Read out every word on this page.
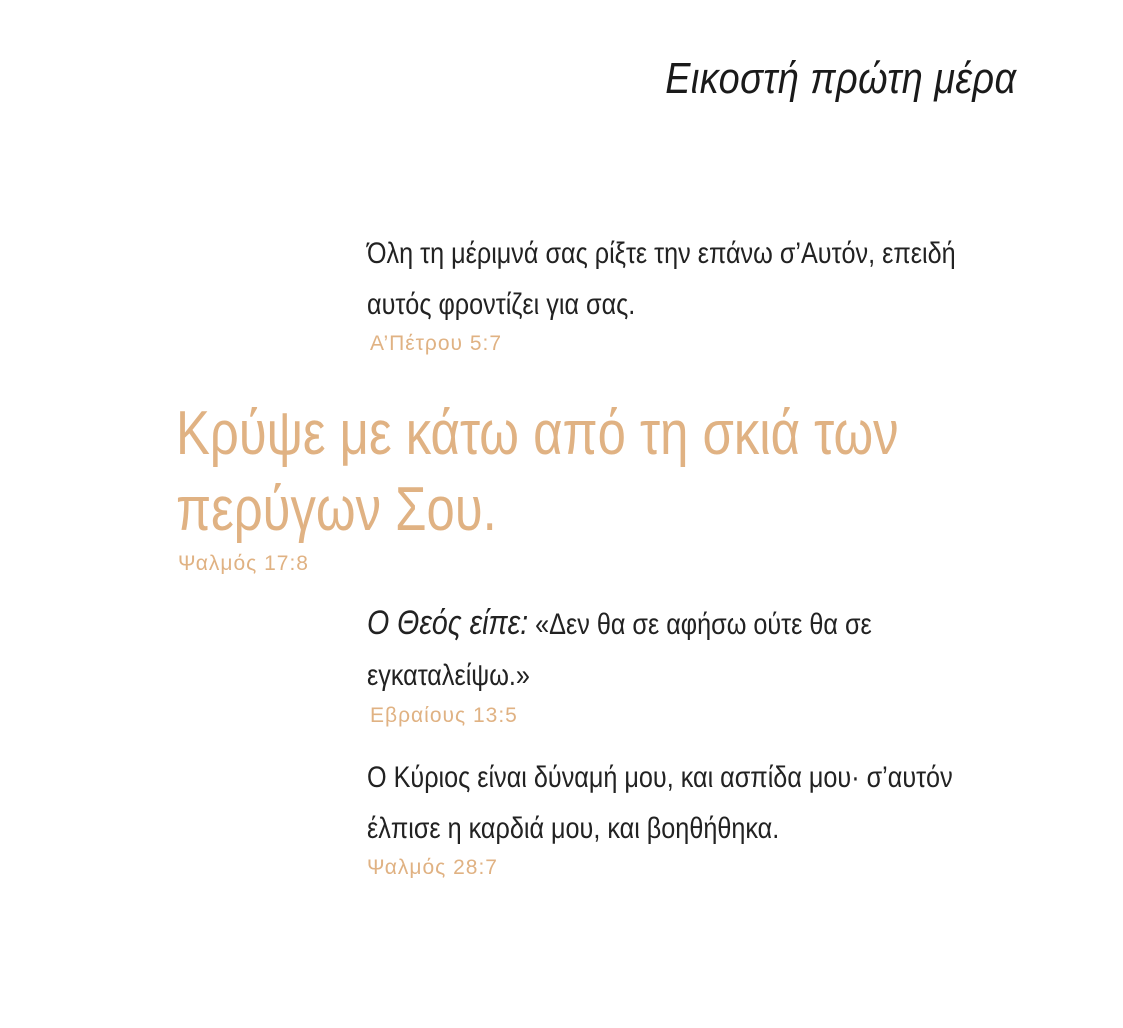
Εικοστή πρώτη μέρα
Όλη τη μέριμνά σας ρίξτε την επάνω σ’Αυτόν, επειδή
αυτός φροντίζει για σας.
Α’Πέτρου 5:7
Κρύψε με κάτω από τη σκιά των
περύγων Σου.
Ψαλμός 17:8
Ο Θεός είπε: «Δεν θα σε αφήσω ούτε θα σε
εγκαταλείψω.»
Εβραίους 13:5
Ο Κύριος είναι δύναμή μου, και ασπίδα μου· σ’αυτόν
έλπισε η καρδιά μου, και βοηθήθηκα.
Ψαλμός 28:7
